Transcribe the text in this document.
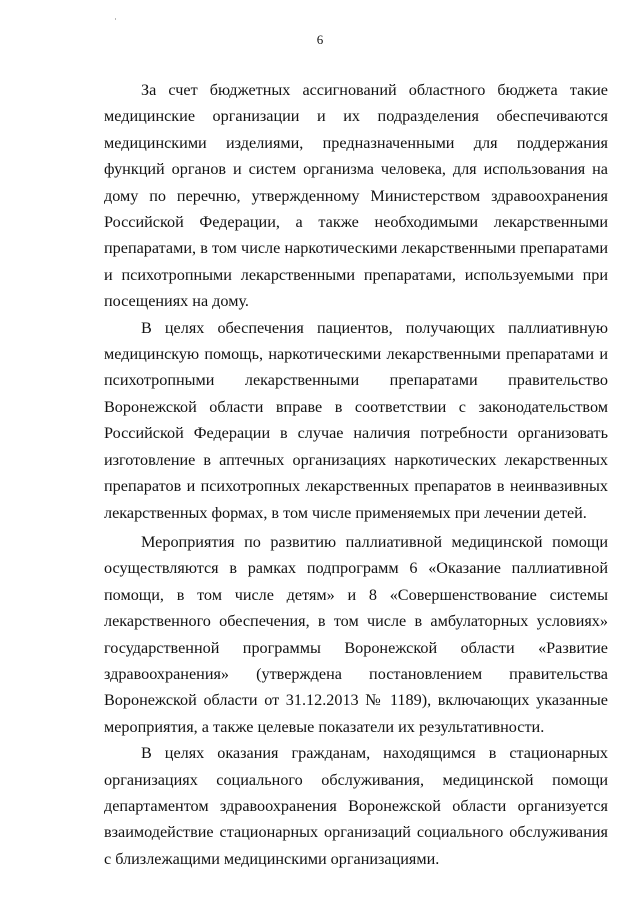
6

За счет бюджетных ассигнований областного бюджета такие медицинские организации и их подразделения обеспечиваются медицинскими изделиями, предназначенными для поддержания функций органов и систем организма человека, для использования на дому по перечню, утвержденному Министерством здравоохранения Российской Федерации, а также необходимыми лекарственными препаратами, в том числе наркотическими лекарственными препаратами и психотропными лекарственными препаратами, используемыми при посещениях на дому.

В целях обеспечения пациентов, получающих паллиативную медицинскую помощь, наркотическими лекарственными препаратами и психотропными лекарственными препаратами правительство Воронежской области вправе в соответствии с законодательством Российской Федерации в случае наличия потребности организовать изготовление в аптечных организациях наркотических лекарственных препаратов и психотропных лекарственных препаратов в неинвазивных лекарственных формах, в том числе применяемых при лечении детей.

Мероприятия по развитию паллиативной медицинской помощи осуществляются в рамках подпрограмм 6 «Оказание паллиативной помощи, в том числе детям» и 8 «Совершенствование системы лекарственного обеспечения, в том числе в амбулаторных условиях» государственной программы Воронежской области «Развитие здравоохранения» (утверждена постановлением правительства Воронежской области от 31.12.2013 № 1189), включающих указанные мероприятия, а также целевые показатели их результативности.

В целях оказания гражданам, находящимся в стационарных организациях социального обслуживания, медицинской помощи департаментом здравоохранения Воронежской области организуется взаимодействие стационарных организаций социального обслуживания с близлежащими медицинскими организациями.
